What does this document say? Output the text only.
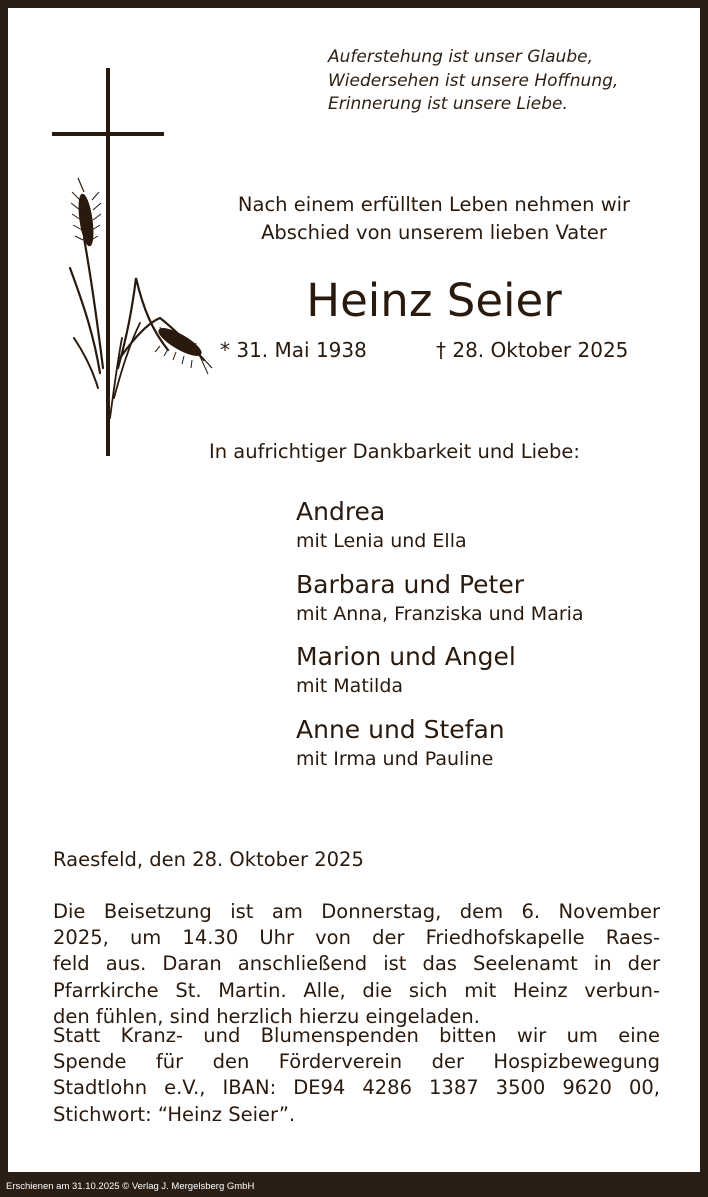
Auferstehung ist unser Glaube,
Wiedersehen ist unsere Hoffnung,
Erinnerung ist unsere Liebe.
Nach einem erfüllten Leben nehmen wir
Abschied von unserem lieben Vater
Heinz Seier
* 31. Mai 1938	† 28. Oktober 2025
In aufrichtiger Dankbarkeit und Liebe:
Andrea
mit Lenia und Ella
Barbara und Peter
mit Anna, Franziska und Maria
Marion und Angel
mit Matilda
Anne und Stefan
mit Irma und Pauline
Raesfeld, den 28. Oktober 2025
Die Beisetzung ist am Donnerstag, dem 6. November
2025, um 14.30 Uhr von der Friedhofskapelle Raes-
feld aus. Daran anschließend ist das Seelenamt in der
Pfarrkirche St. Martin. Alle, die sich mit Heinz verbun-
den fühlen, sind herzlich hierzu eingeladen.
Statt Kranz- und Blumenspenden bitten wir um eine
Spende für den Förderverein der Hospizbewegung
Stadtlohn e.V., IBAN: DE94 4286 1387 3500 9620 00,
Stichwort: “Heinz Seier”.
Erschienen am 31.10.2025 © Verlag J. Mergelsberg GmbH
